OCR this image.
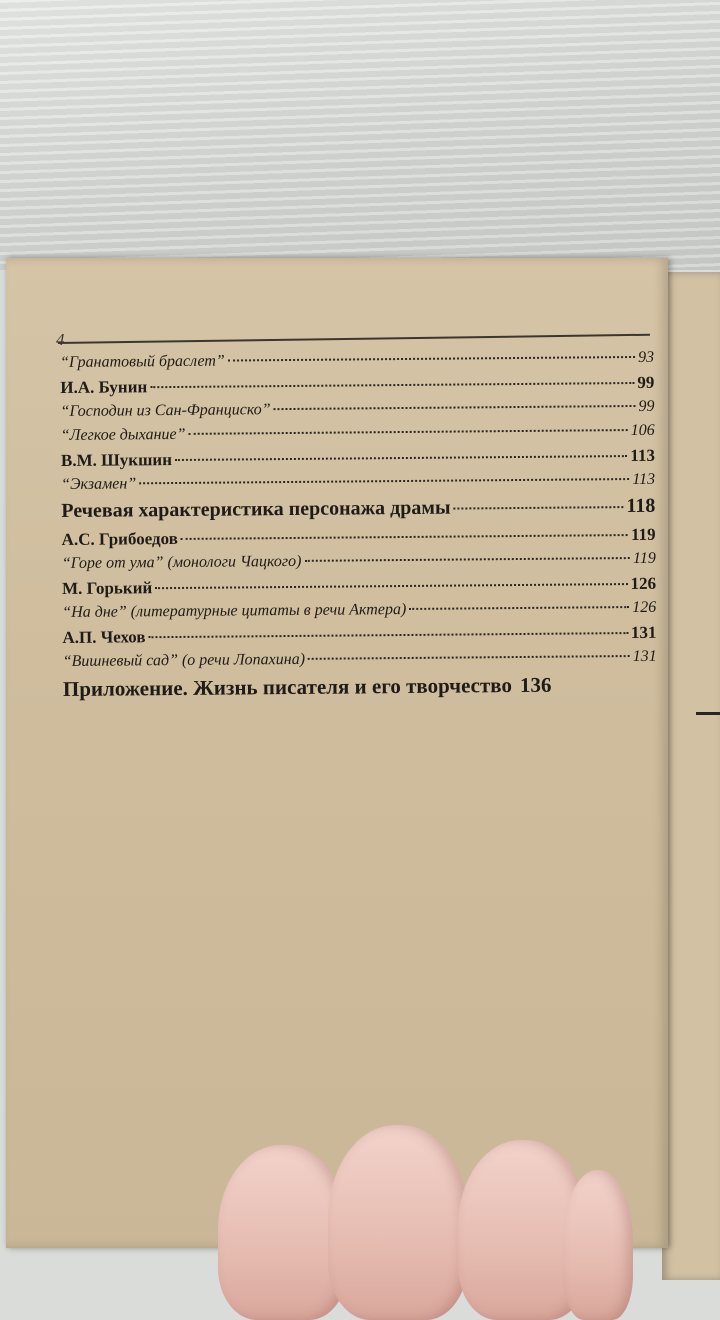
4
“Гранатовый браслет”	93
И.А. Бунин	99
“Господин из Сан-Франциско”	99
“Легкое дыхание”	106
В.М. Шукшин	113
“Экзамен”	113
Речевая характеристика персонажа драмы	118
А.С. Грибоедов	119
“Горе от ума” (монологи Чацкого)	119
М. Горький	126
“На дне” (литературные цитаты в речи Актера)	126
А.П. Чехов	131
“Вишневый сад” (о речи Лопахина)	131
Приложение. Жизнь писателя и его творчество 136
